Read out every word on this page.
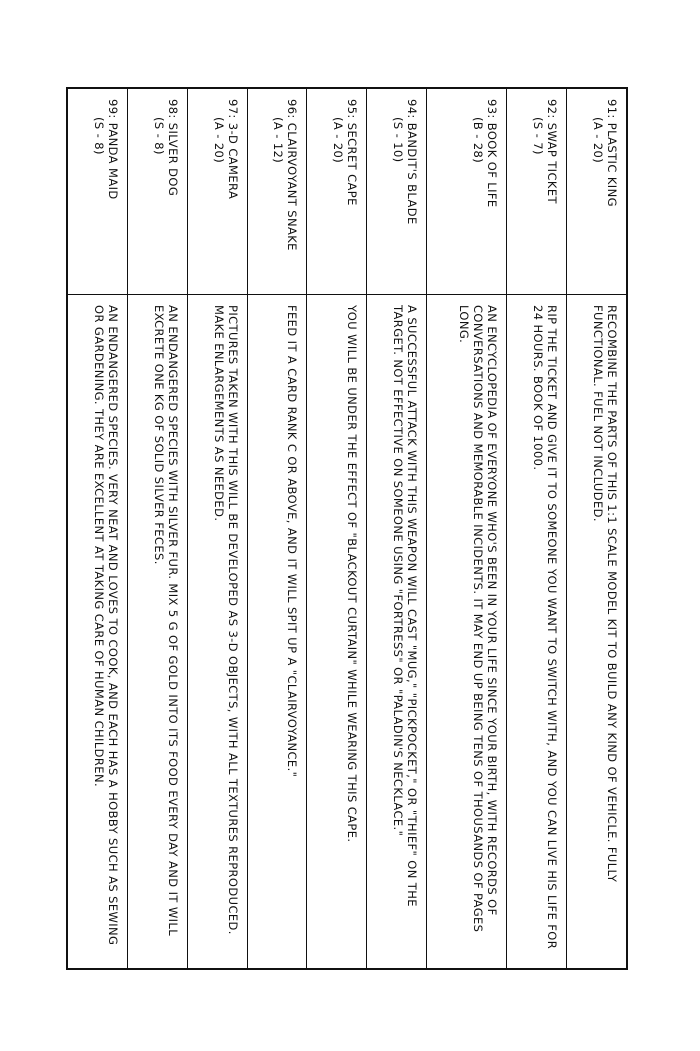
91: PLASTIC KING
(A - 20)	RECOMBINE THE PARTS OF THIS 1:1 SCALE MODEL KIT TO BUILD ANY KIND OF VEHICLE. FULLY FUNCTIONAL. FUEL NOT INCLUDED.

92: SWAP TICKET
(S - 7)	RIP THE TICKET AND GIVE IT TO SOMEONE YOU WANT TO SWITCH WITH, AND YOU CAN LIVE HIS LIFE FOR 24 HOURS. BOOK OF 1000.

93: BOOK OF LIFE
(B - 28)	AN ENCYCLOPEDIA OF EVERYONE WHO'S BEEN IN YOUR LIFE SINCE YOUR BIRTH, WITH RECORDS OF CONVERSATIONS AND MEMORABLE INCIDENTS. IT MAY END UP BEING TENS OF THOUSANDS OF PAGES LONG.

94: BANDIT'S BLADE
(S - 10)	A SUCCESSFUL ATTACK WITH THIS WEAPON WILL CAST "MUG," "PICKPOCKET," OR "THIEF" ON THE TARGET. NOT EFFECTIVE ON SOMEONE USING "FORTRESS" OR "PALADIN'S NECKLACE."

95: SECRET CAPE
(A - 20)	YOU WILL BE UNDER THE EFFECT OF "BLACKOUT CURTAIN" WHILE WEARING THIS CAPE.

96: CLAIRVOYANT SNAKE
(A - 12)	FEED IT A CARD RANK C OR ABOVE, AND IT WILL SPIT UP A "CLAIRVOYANCE."

97: 3-D CAMERA
(A - 20)	PICTURES TAKEN WITH THIS WILL BE DEVELOPED AS 3-D OBJECTS, WITH ALL TEXTURES REPRODUCED. MAKE ENLARGEMENTS AS NEEDED.

98: SILVER DOG
(S - 8)	AN ENDANGERED SPECIES WITH SILVER FUR. MIX 5 G OF GOLD INTO ITS FOOD EVERY DAY AND IT WILL EXCRETE ONE KG OF SOLID SILVER FECES.

99: PANDA MAID
(S - 8)	AN ENDANGERED SPECIES. VERY NEAT AND LOVES TO COOK, AND EACH HAS A HOBBY SUCH AS SEWING OR GARDENING. THEY ARE EXCELLENT AT TAKING CARE OF HUMAN CHILDREN.
